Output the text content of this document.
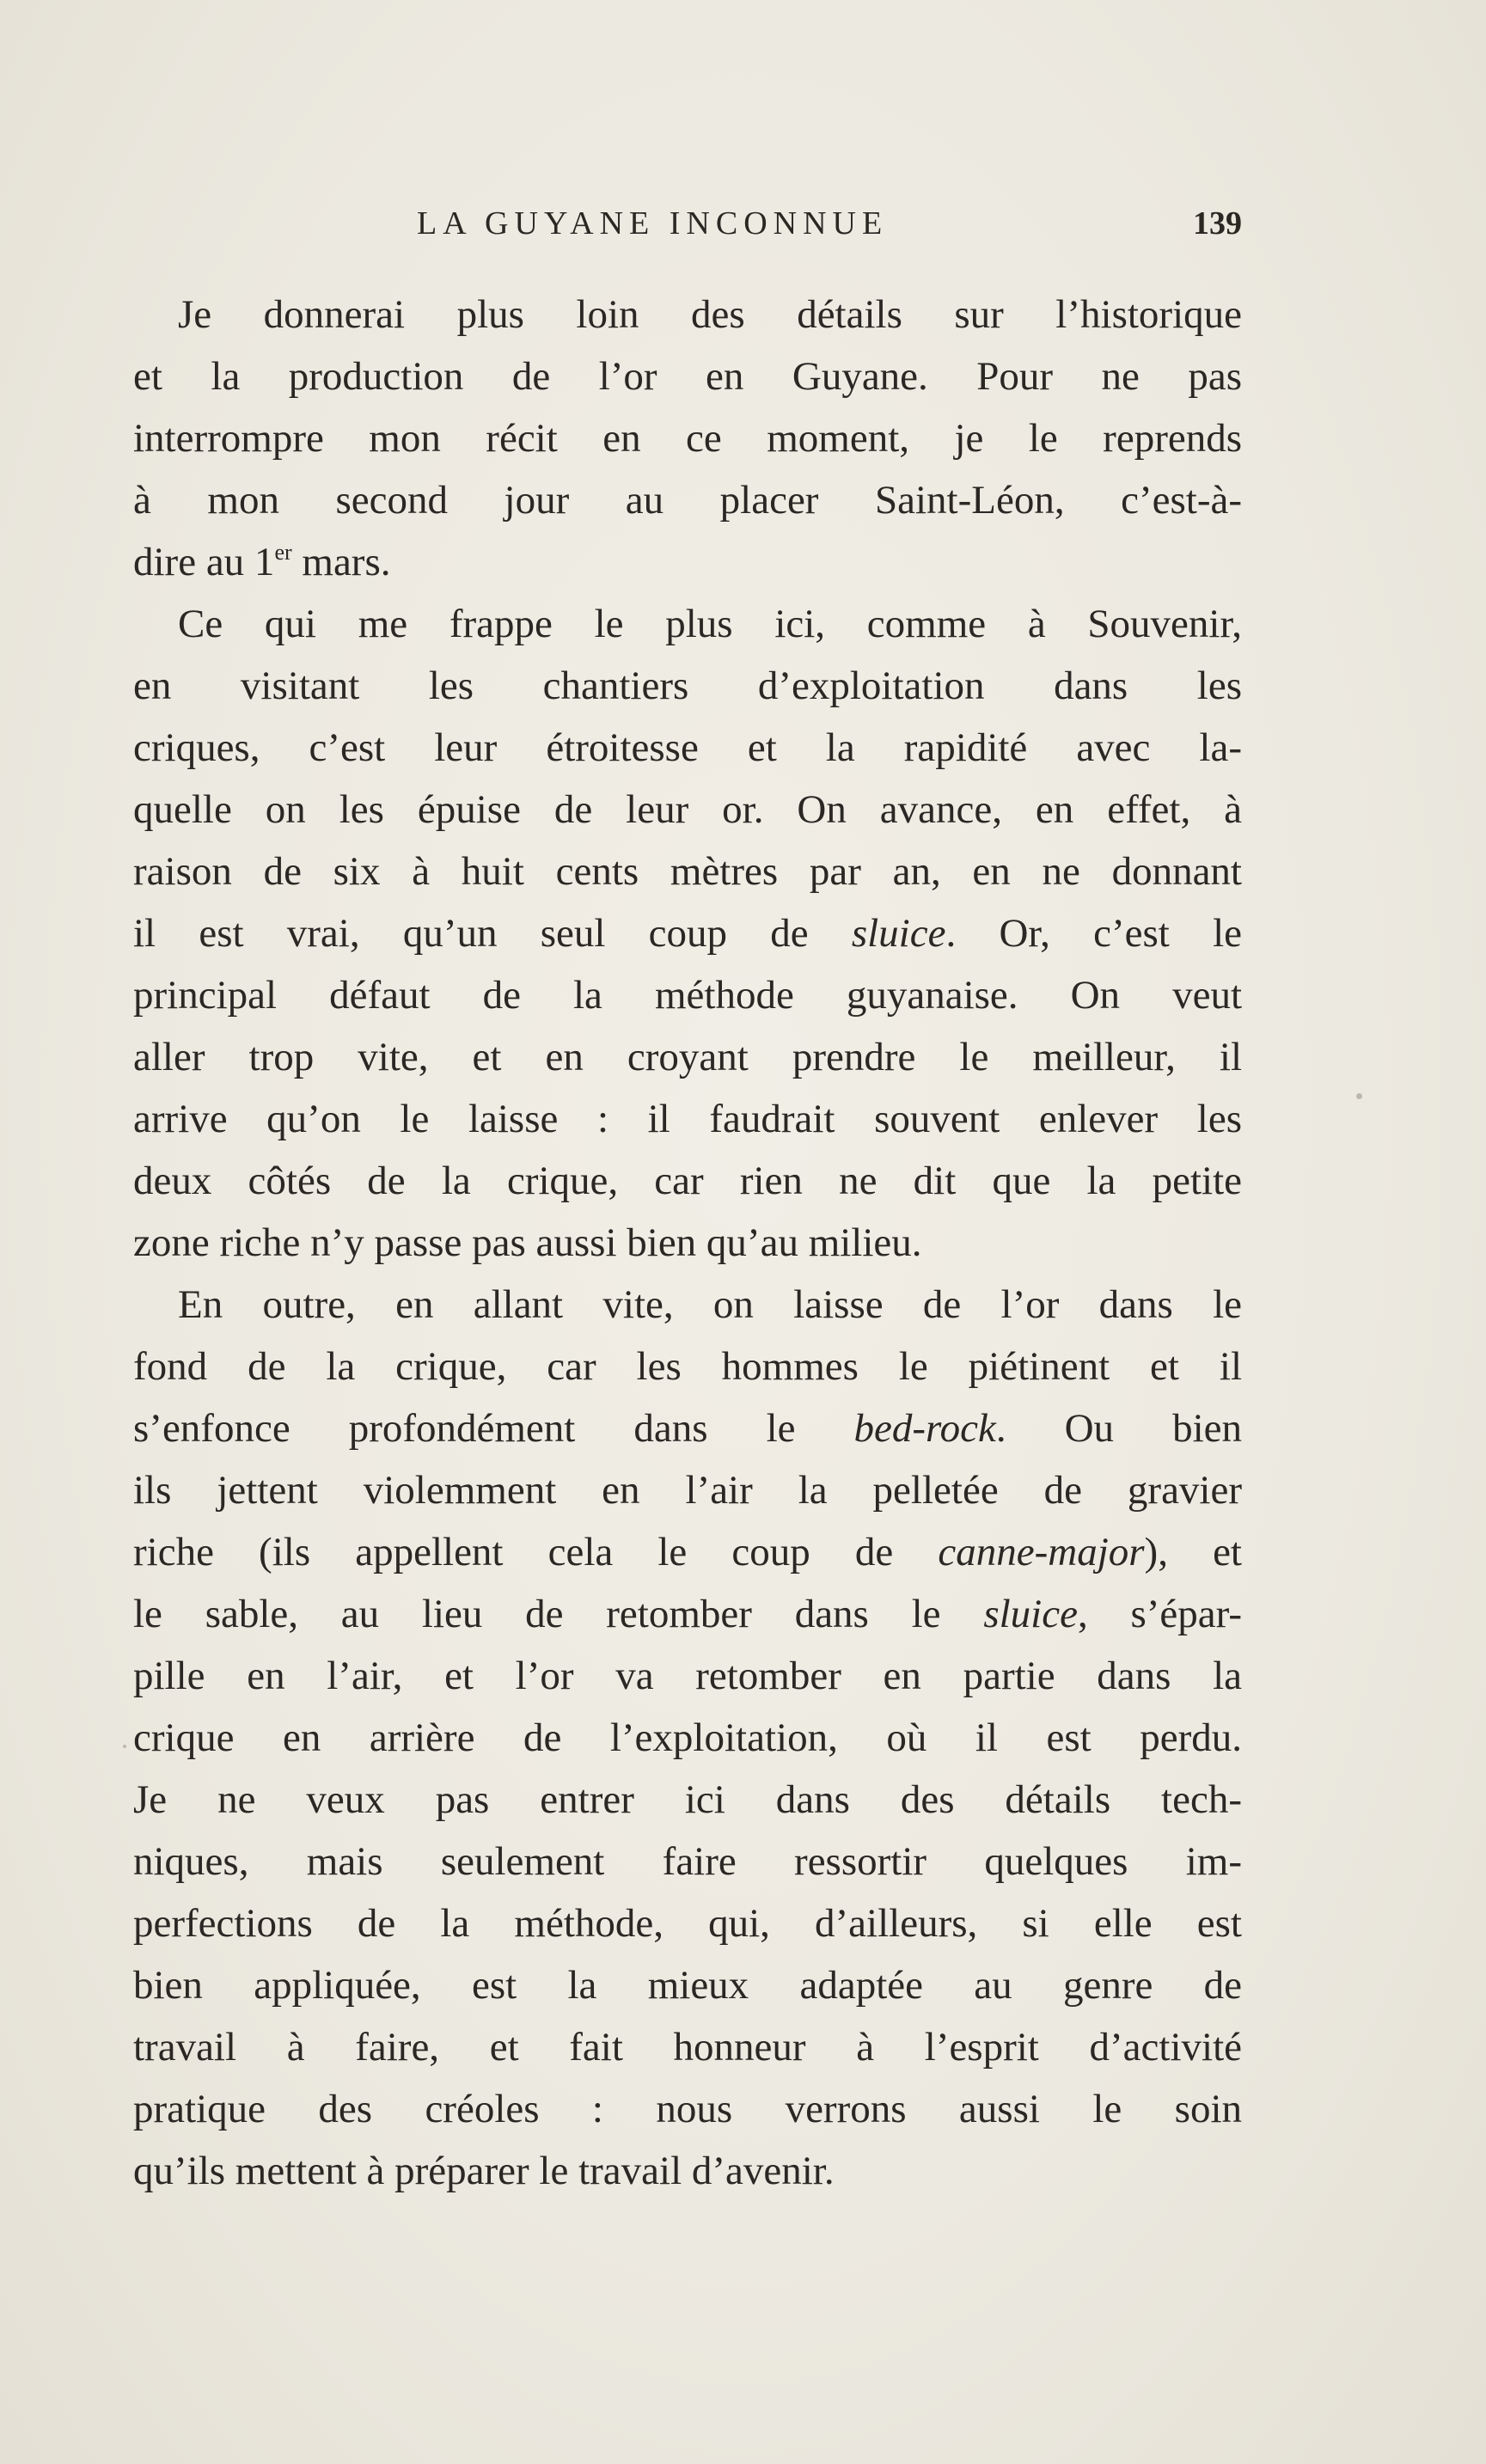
LA GUYANE INCONNUE	139
Je donnerai plus loin des détails sur l’historique
et la production de l’or en Guyane. Pour ne pas
interrompre mon récit en ce moment, je le reprends
à mon second jour au placer Saint-Léon, c’est-à-
dire au 1er mars.
Ce qui me frappe le plus ici, comme à Souvenir,
en visitant les chantiers d’exploitation dans les
criques, c’est leur étroitesse et la rapidité avec la-
quelle on les épuise de leur or. On avance, en effet, à
raison de six à huit cents mètres par an, en ne donnant
il est vrai, qu’un seul coup de sluice. Or, c’est le
principal défaut de la méthode guyanaise. On veut
aller trop vite, et en croyant prendre le meilleur, il
arrive qu’on le laisse : il faudrait souvent enlever les
deux côtés de la crique, car rien ne dit que la petite
zone riche n’y passe pas aussi bien qu’au milieu.
En outre, en allant vite, on laisse de l’or dans le
fond de la crique, car les hommes le piétinent et il
s’enfonce profondément dans le bed-rock. Ou bien
ils jettent violemment en l’air la pelletée de gravier
riche (ils appellent cela le coup de canne-major), et
le sable, au lieu de retomber dans le sluice, s’épar-
pille en l’air, et l’or va retomber en partie dans la
crique en arrière de l’exploitation, où il est perdu.
Je ne veux pas entrer ici dans des détails tech-
niques, mais seulement faire ressortir quelques im-
perfections de la méthode, qui, d’ailleurs, si elle est
bien appliquée, est la mieux adaptée au genre de
travail à faire, et fait honneur à l’esprit d’activité
pratique des créoles : nous verrons aussi le soin
qu’ils mettent à préparer le travail d’avenir.
